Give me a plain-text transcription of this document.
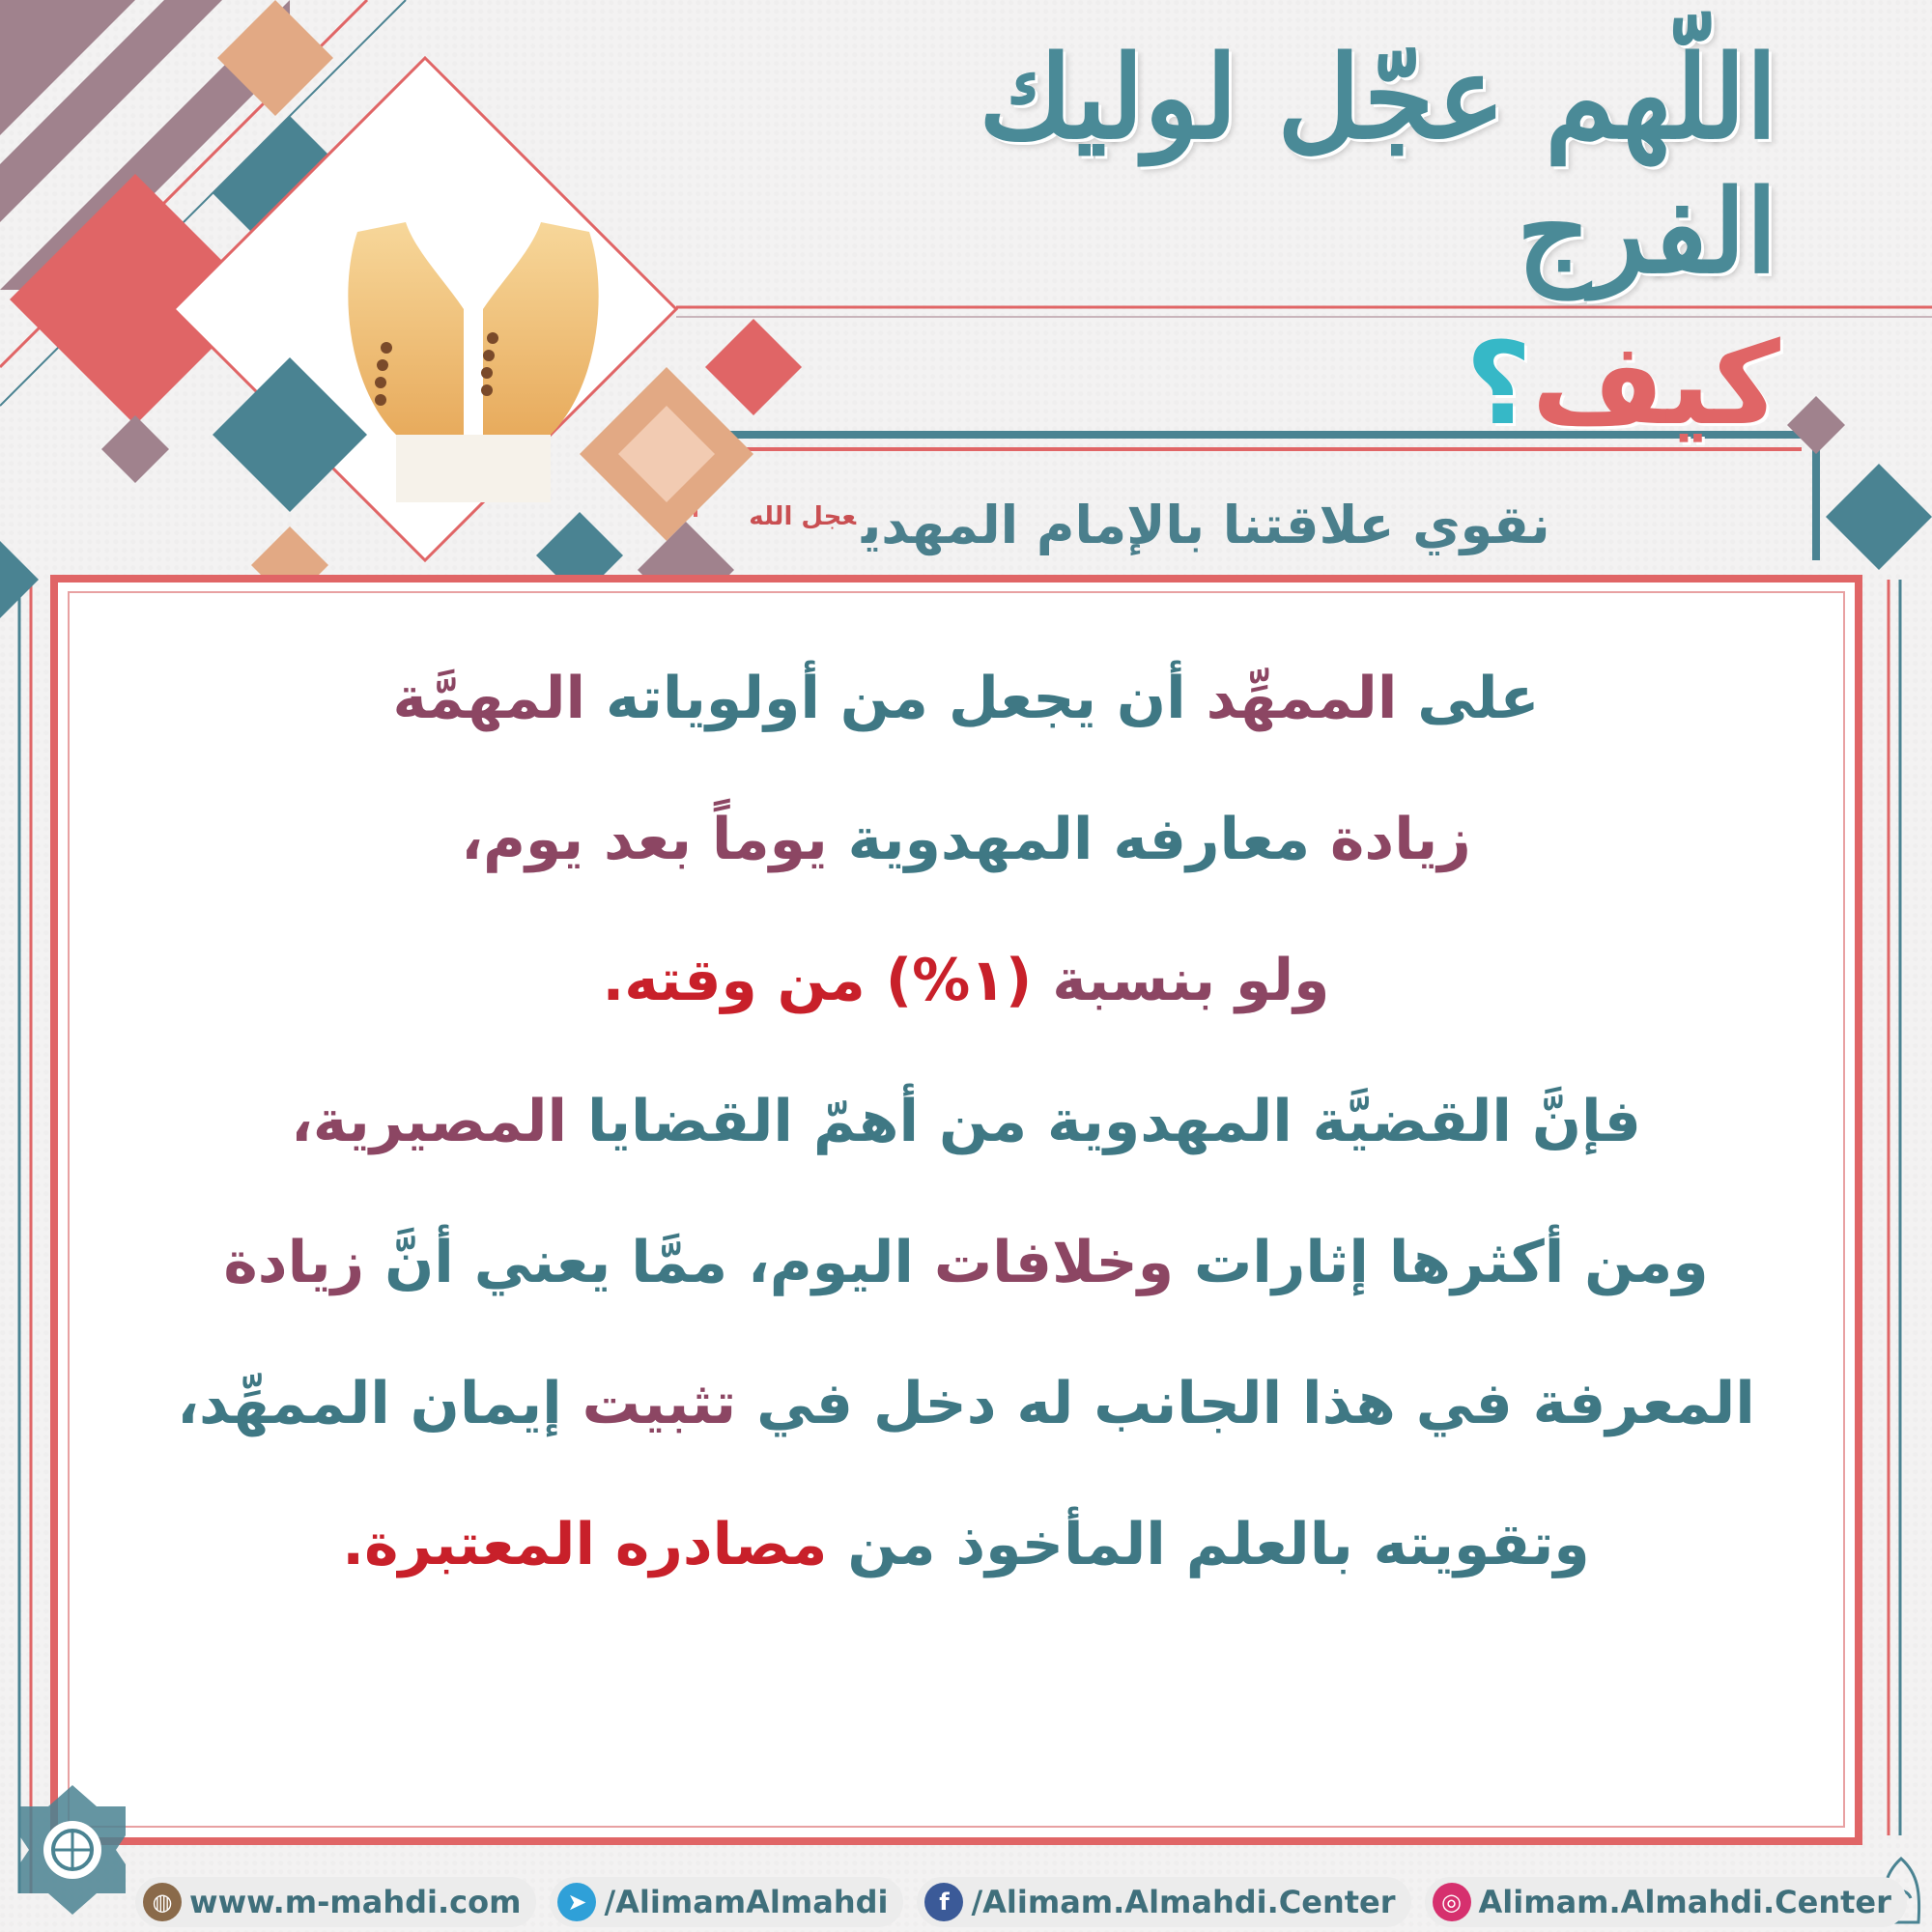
اللّهم عجّل لوليك الفرج
كيف؟
نقوي علاقتنا بالإمام المهدي$^{عجل الله}$
على الممهِّد أن يجعل من أولوياته المهمَّة
زيادة معارفه المهدوية يوماً بعد يوم،
ولو بنسبة (١%) من وقته.
فإنَّ القضيَّة المهدوية من أهمّ القضايا المصيرية،
ومن أكثرها إثارات وخلافات اليوم، ممَّا يعني أنَّ زيادة
المعرفة في هذا الجانب له دخل في تثبيت إيمان الممهِّد،
وتقويته بالعلم المأخوذ من مصادره المعتبرة.
◍ www.m-mahdi.com	➤ /AlimamAlmahdi	f /Alimam.Almahdi.Center	◎ Alimam.Almahdi.Center
